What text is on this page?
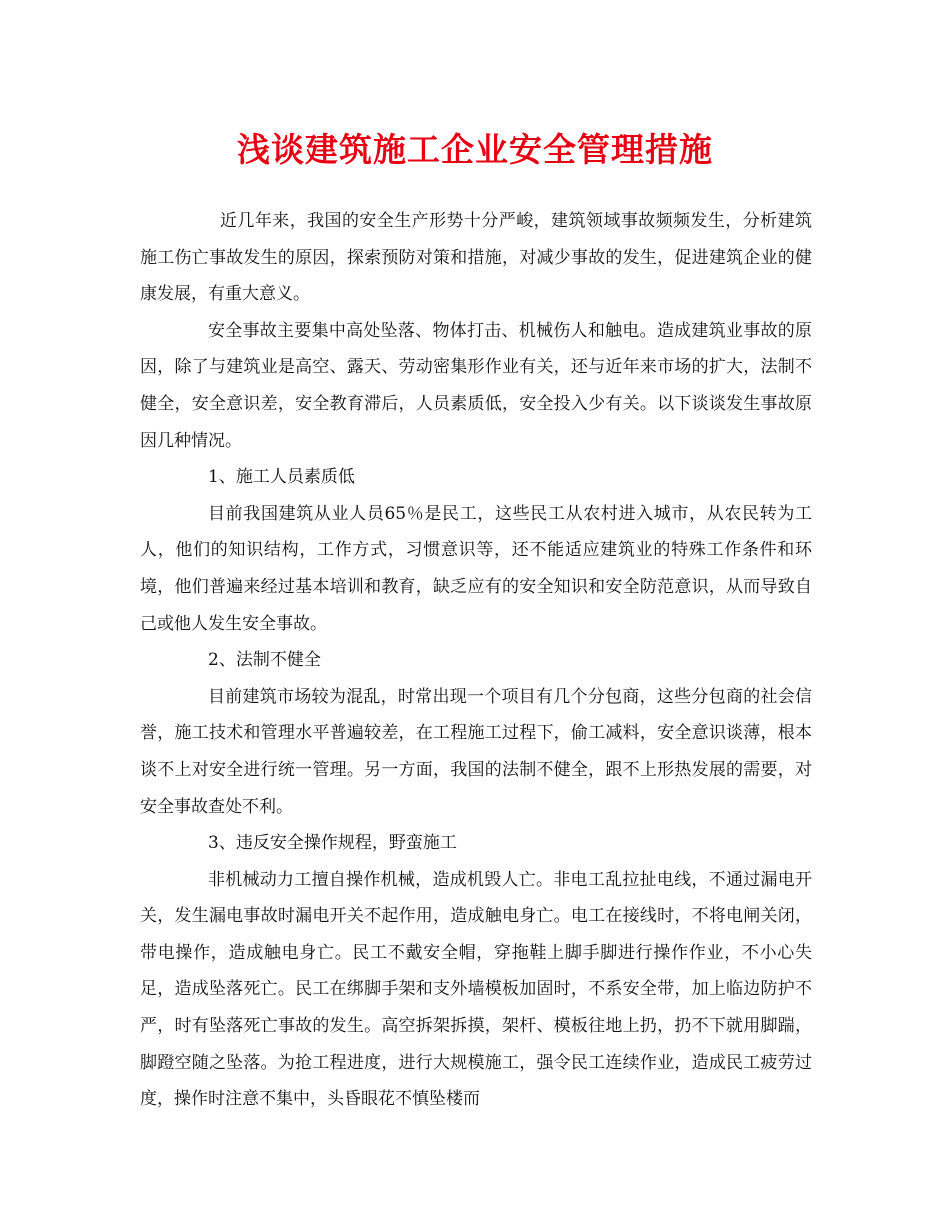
浅谈建筑施工企业安全管理措施

近几年来，我国的安全生产形势十分严峻，建筑领域事故频频发生，分析建筑施工伤亡事故发生的原因，探索预防对策和措施，对减少事故的发生，促进建筑企业的健康发展，有重大意义。

安全事故主要集中高处坠落、物体打击、机械伤人和触电。造成建筑业事故的原因，除了与建筑业是高空、露天、劳动密集形作业有关，还与近年来市场的扩大，法制不健全，安全意识差，安全教育滞后，人员素质低，安全投入少有关。以下谈谈发生事故原因几种情况。

1、施工人员素质低

目前我国建筑从业人员65％是民工，这些民工从农村进入城市，从农民转为工人，他们的知识结构，工作方式，习惯意识等，还不能适应建筑业的特殊工作条件和环境，他们普遍来经过基本培训和教育，缺乏应有的安全知识和安全防范意识，从而导致自己或他人发生安全事故。

2、法制不健全

目前建筑市场较为混乱，时常出现一个项目有几个分包商，这些分包商的社会信誉，施工技术和管理水平普遍较差，在工程施工过程下，偷工减料，安全意识谈薄，根本谈不上对安全进行统一管理。另一方面，我国的法制不健全，跟不上形热发展的需要，对安全事故查处不利。

3、违反安全操作规程，野蛮施工

非机械动力工擅自操作机械，造成机毁人亡。非电工乱拉扯电线，不通过漏电开关，发生漏电事故时漏电开关不起作用，造成触电身亡。电工在接线时，不将电闸关闭，带电操作，造成触电身亡。民工不戴安全帽，穿拖鞋上脚手脚进行操作作业，不小心失足，造成坠落死亡。民工在绑脚手架和支外墙模板加固时，不系安全带，加上临边防护不严，时有坠落死亡事故的发生。高空拆架拆摸，架杆、模板往地上扔，扔不下就用脚踹，脚蹬空随之坠落。为抢工程进度，进行大规模施工，强令民工连续作业，造成民工疲劳过度，操作时注意不集中，头昏眼花不慎坠楼而
